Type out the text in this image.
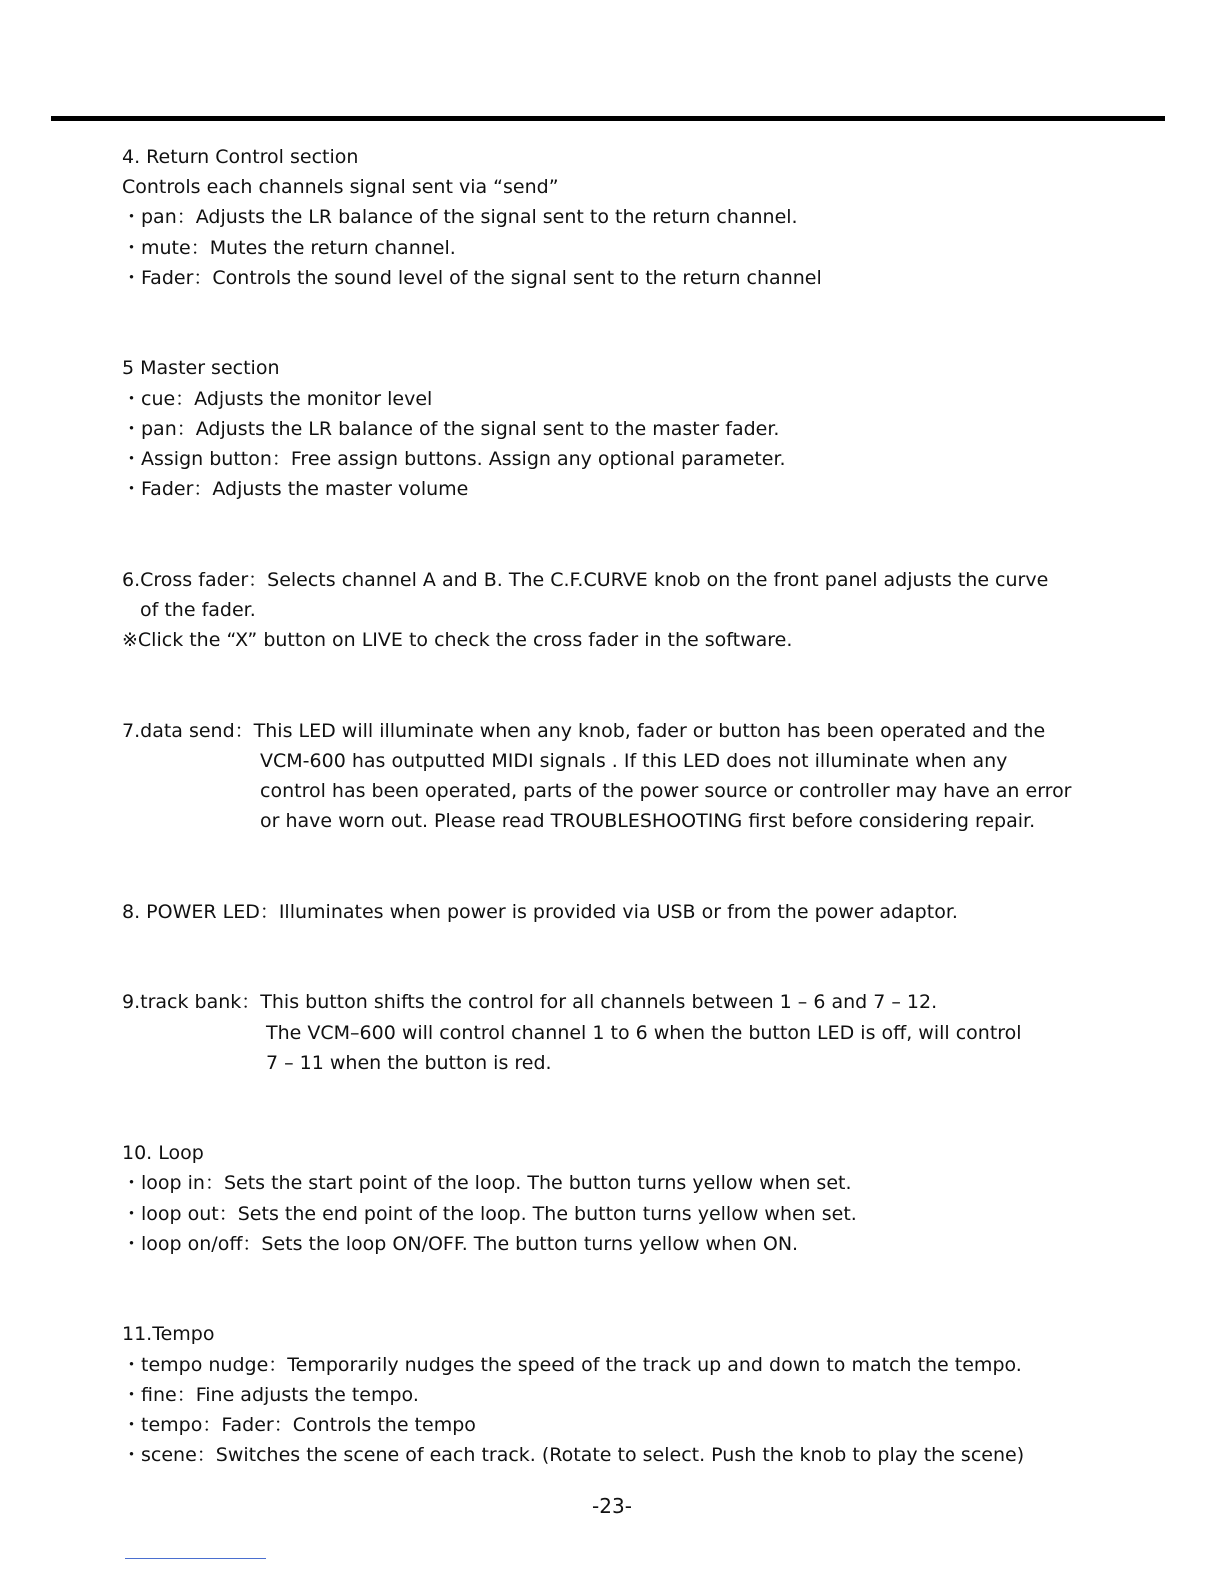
4. Return Control section
Controls each channels signal sent via “send”
・pan：Adjusts the LR balance of the signal sent to the return channel.
・mute：Mutes the return channel.
・Fader：Controls the sound level of the signal sent to the return channel
5 Master section
・cue：Adjusts the monitor level
・pan：Adjusts the LR balance of the signal sent to the master fader.
・Assign button：Free assign buttons. Assign any optional parameter.
・Fader：Adjusts the master volume
6.Cross fader：Selects channel A and B. The C.F.CURVE knob on the front panel adjusts the curve
of the fader.
※Click the “X” button on LIVE to check the cross fader in the software.
7.data send：This LED will illuminate when any knob, fader or button has been operated and the
VCM-600 has outputted MIDI signals . If this LED does not illuminate when any
control has been operated, parts of the power source or controller may have an error
or have worn out. Please read TROUBLESHOOTING first before considering repair.
8. POWER LED：Illuminates when power is provided via USB or from the power adaptor.
9.track bank：This button shifts the control for all channels between 1 – 6 and 7 – 12.
The VCM–600 will control channel 1 to 6 when the button LED is off, will control
7 – 11 when the button is red.
10. Loop
・loop in：Sets the start point of the loop. The button turns yellow when set.
・loop out：Sets the end point of the loop. The button turns yellow when set.
・loop on/off：Sets the loop ON/OFF. The button turns yellow when ON.
11.Tempo
・tempo nudge：Temporarily nudges the speed of the track up and down to match the tempo.
・fine：Fine adjusts the tempo.
・tempo：Fader：Controls the tempo
・scene：Switches the scene of each track. (Rotate to select. Push the knob to play the scene)
-23-
